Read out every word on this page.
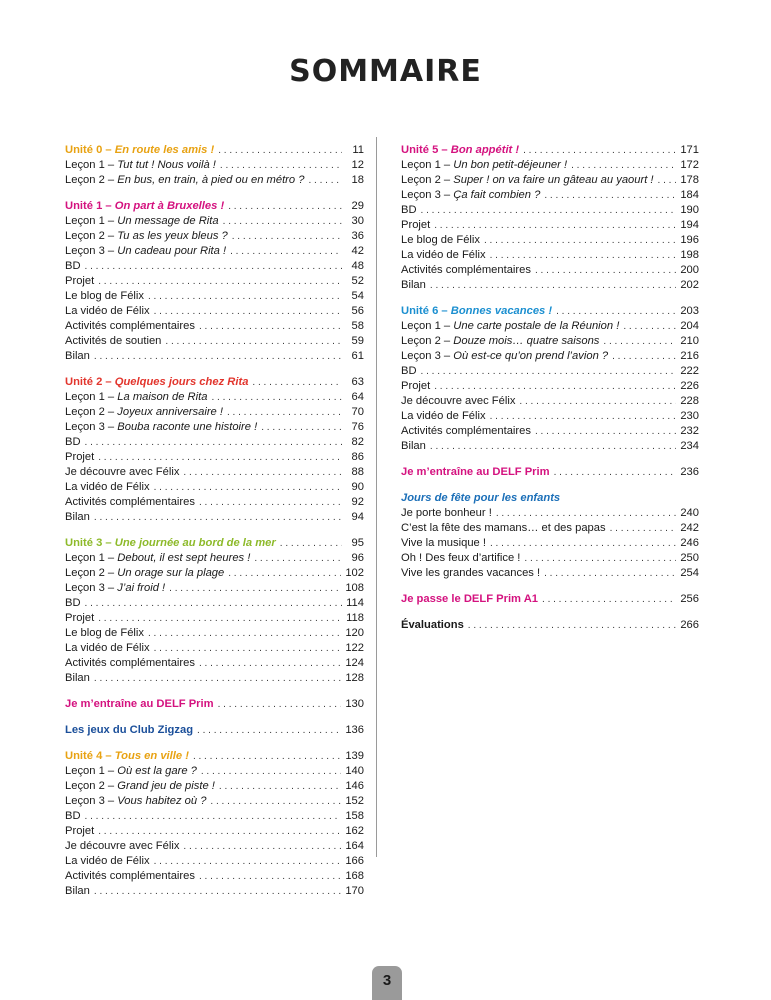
SOMMAIRE
Unité 0 – En route les amis ! . . .	11
Leçon 1 – Tut tut ! Nous voilà ! . . .	12
Leçon 2 – En bus, en train, à pied ou en métro ? . . .	18
Unité 1 – On part à Bruxelles ! . . .	29
Leçon 1 – Un message de Rita . . .	30
Leçon 2 – Tu as les yeux bleus ? . . .	36
Leçon 3 – Un cadeau pour Rita ! . . .	42
BD . . .	48
Projet . . .	52
Le blog de Félix . . .	54
La vidéo de Félix . . .	56
Activités complémentaires . . .	58
Activités de soutien . . .	59
Bilan . . .	61
Unité 2 – Quelques jours chez Rita . . .	63
Leçon 1 – La maison de Rita . . .	64
Leçon 2 – Joyeux anniversaire ! . . .	70
Leçon 3 – Bouba raconte une histoire ! . . .	76
BD . . .	82
Projet . . .	86
Je découvre avec Félix . . .	88
La vidéo de Félix . . .	90
Activités complémentaires . . .	92
Bilan . . .	94
Unité 3 – Une journée au bord de la mer . . .	95
Leçon 1 – Debout, il est sept heures ! . . .	96
Leçon 2 – Un orage sur la plage . . .	102
Leçon 3 – J’ai froid ! . . .	108
BD . . .	114
Projet . . .	118
Le blog de Félix . . .	120
La vidéo de Félix . . .	122
Activités complémentaires . . .	124
Bilan . . .	128
Je m’entraîne au DELF Prim . . .	130
Les jeux du Club Zigzag . . .	136
Unité 4 – Tous en ville ! . . .	139
Leçon 1 – Où est la gare ? . . .	140
Leçon 2 – Grand jeu de piste ! . . .	146
Leçon 3 – Vous habitez où ? . . .	152
BD . . .	158
Projet . . .	162
Je découvre avec Félix . . .	164
La vidéo de Félix . . .	166
Activités complémentaires . . .	168
Bilan . . .	170
Unité 5 – Bon appétit ! . . .	171
Leçon 1 – Un bon petit-déjeuner ! . . .	172
Leçon 2 – Super ! on va faire un gâteau au yaourt ! . . . 178
Leçon 3 – Ça fait combien ? . . .	184
BD . . .	190
Projet . . .	194
Le blog de Félix . . .	196
La vidéo de Félix . . .	198
Activités complémentaires . . .	200
Bilan . . .	202
Unité 6 – Bonnes vacances ! . . .	203
Leçon 1 – Une carte postale de la Réunion ! . . .	204
Leçon 2 – Douze mois… quatre saisons . . .	210
Leçon 3 – Où est-ce qu’on prend l’avion ? . . .	216
BD . . .	222
Projet . . .	226
Je découvre avec Félix . . .	228
La vidéo de Félix . . .	230
Activités complémentaires . . .	232
Bilan . . .	234
Je m’entraîne au DELF Prim . . .	236
Jours de fête pour les enfants
Je porte bonheur ! . . .	240
C’est la fête des mamans… et des papas . . .	242
Vive la musique ! . . .	246
Oh ! Des feux d’artifice ! . . .	250
Vive les grandes vacances ! . . .	254
Je passe le DELF Prim A1 . . .	256
Évaluations . . .	266
3
